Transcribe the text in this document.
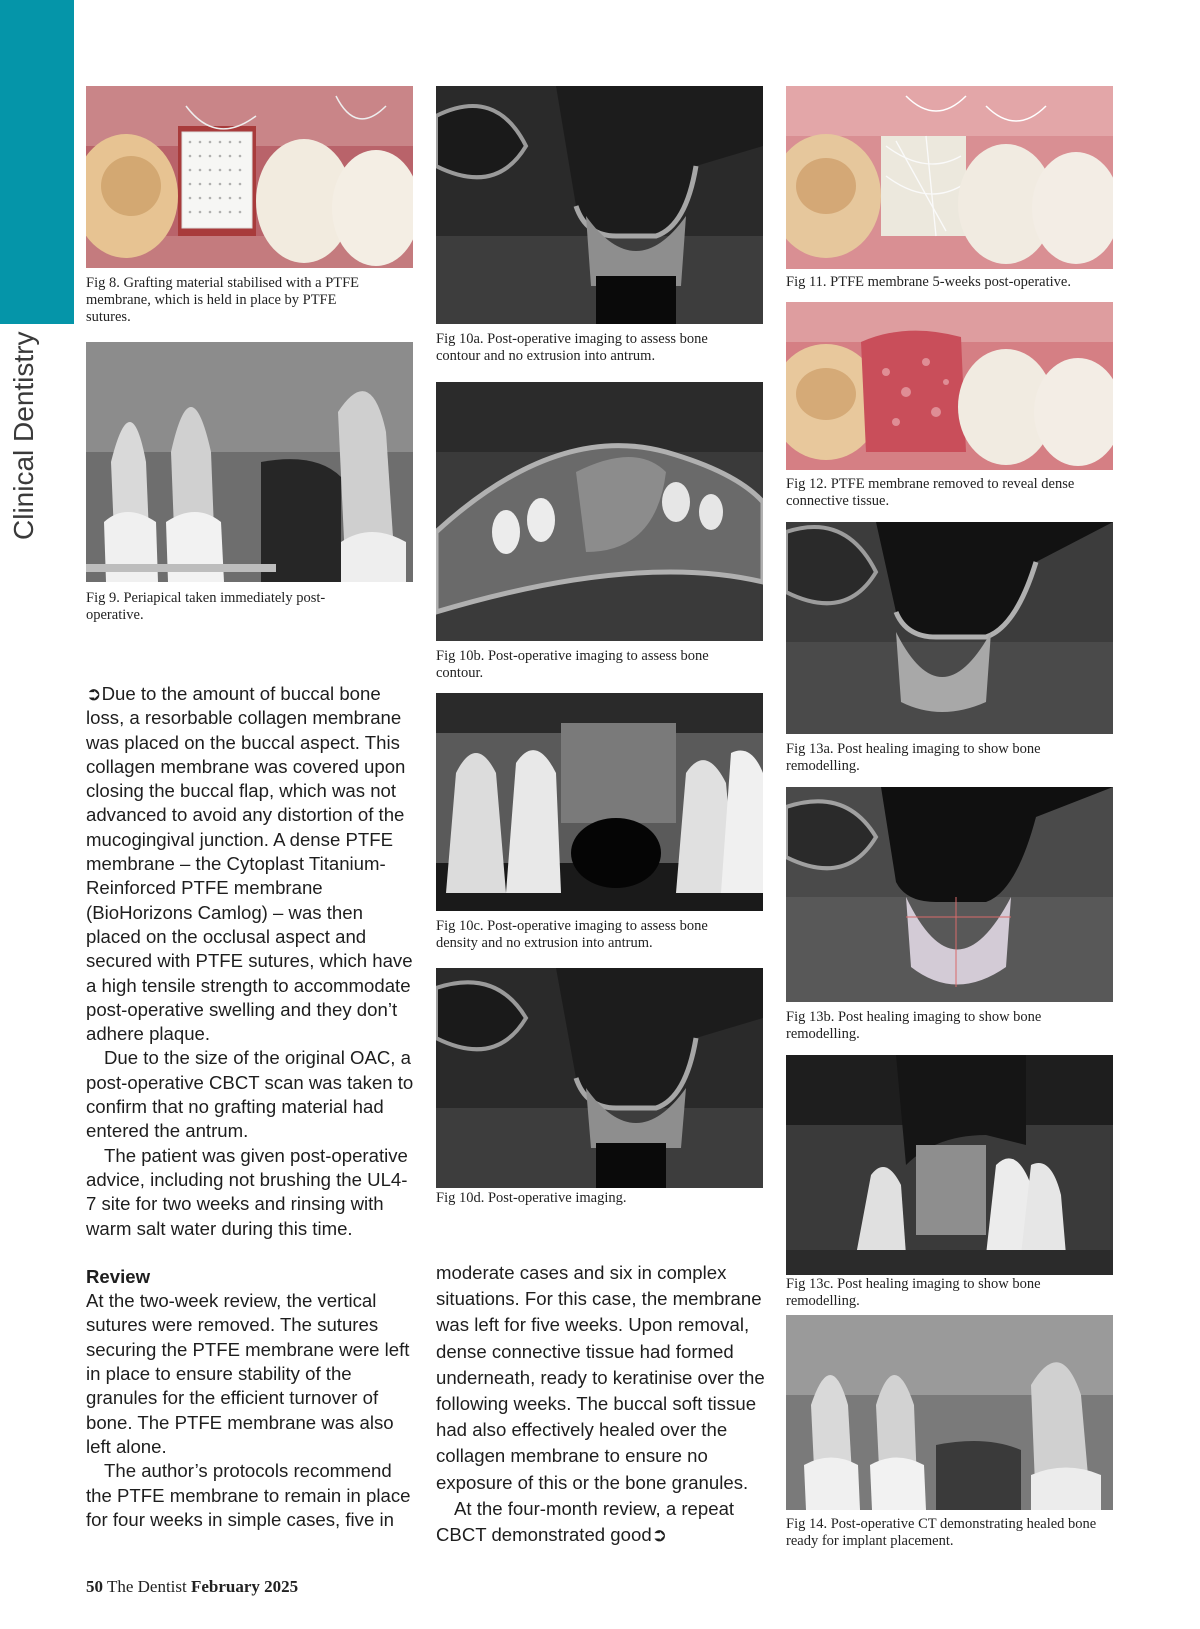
Clinical Dentistry
Fig 8. Grafting material stabilised with a PTFE membrane, which is held in place by PTFE sutures.
Fig 9. Periapical taken immediately post-operative.
Fig 10a. Post-operative imaging to assess bone contour and no extrusion into antrum.
Fig 10b. Post-operative imaging to assess bone contour.
Fig 10c. Post-operative imaging to assess bone density and no extrusion into antrum.
Fig 10d. Post-operative imaging.
Fig 11. PTFE membrane 5-weeks post-operative.
Fig 12. PTFE membrane removed to reveal dense connective tissue.
Fig 13a. Post healing imaging to show bone remodelling.
Fig 13b. Post healing imaging to show bone remodelling.
Fig 13c. Post healing imaging to show bone remodelling.
Fig 14. Post-operative CT demonstrating healed bone ready for implant placement.

➲Due to the amount of buccal bone loss, a resorbable collagen membrane was placed on the buccal aspect. This collagen membrane was covered upon closing the buccal flap, which was not advanced to avoid any distortion of the mucogingival junction. A dense PTFE membrane – the Cytoplast Titanium-Reinforced PTFE membrane (BioHorizons Camlog) – was then placed on the occlusal aspect and secured with PTFE sutures, which have a high tensile strength to accommodate post-operative swelling and they don’t adhere plaque.

Due to the size of the original OAC, a post-operative CBCT scan was taken to confirm that no grafting material had entered the antrum.

The patient was given post-operative advice, including not brushing the UL4-7 site for two weeks and rinsing with warm salt water during this time.

Review

At the two-week review, the vertical sutures were removed. The sutures securing the PTFE membrane were left in place to ensure stability of the granules for the efficient turnover of bone. The PTFE membrane was also left alone.

The author’s protocols recommend the PTFE membrane to remain in place for four weeks in simple cases, five in

moderate cases and six in complex situations. For this case, the membrane was left for five weeks. Upon removal, dense connective tissue had formed underneath, ready to keratinise over the following weeks. The buccal soft tissue had also effectively healed over the collagen membrane to ensure no exposure of this or the bone granules.

At the four-month review, a repeat CBCT demonstrated good➲

50 The Dentist February 2025
